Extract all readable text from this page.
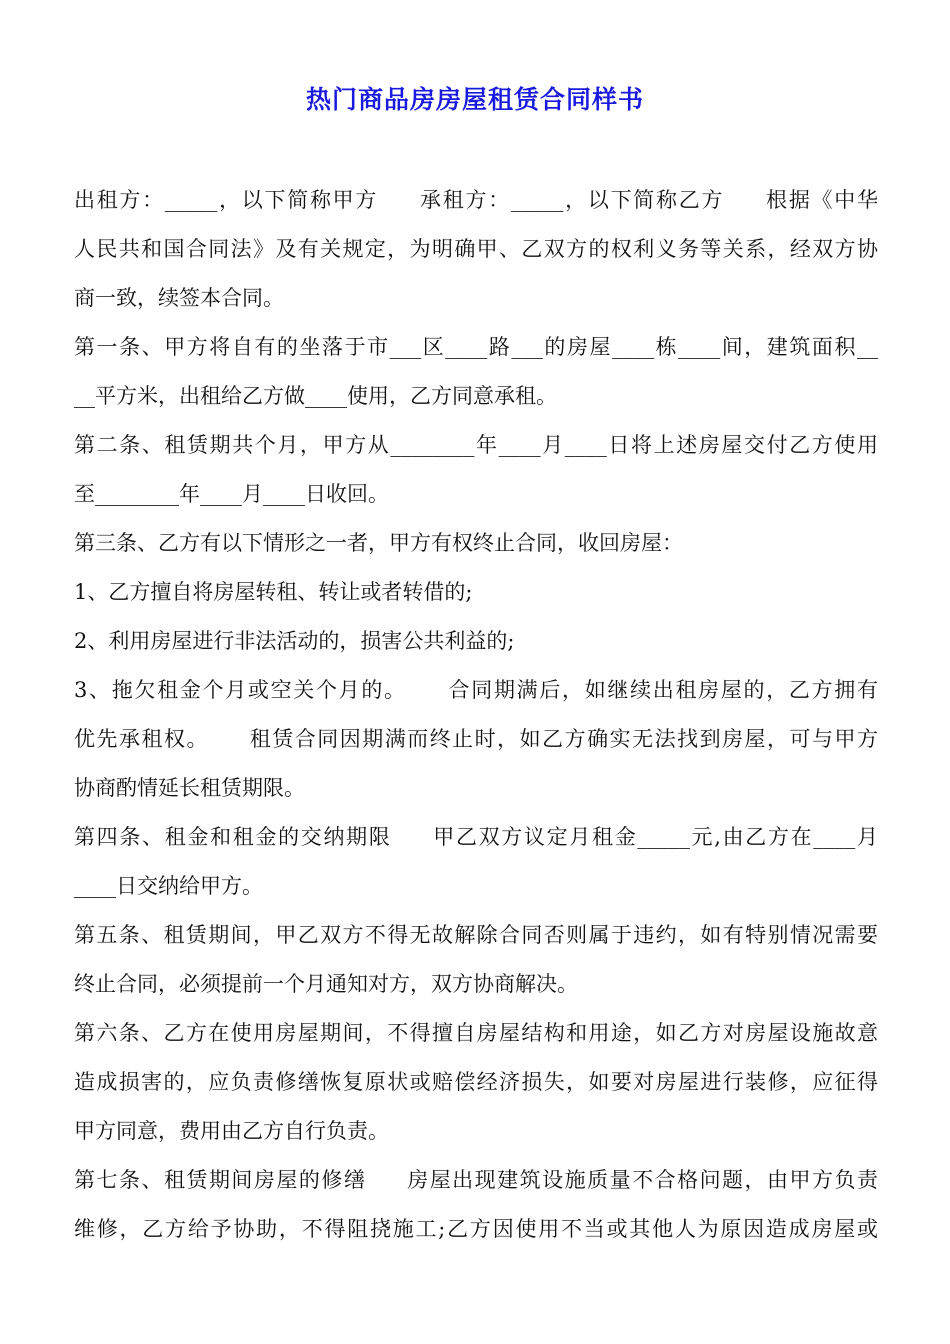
热门商品房房屋租赁合同样书
出租方：_____，以下简称甲方     承租方：_____，以下简称乙方     根据《中华
人民共和国合同法》及有关规定，为明确甲、乙双方的权利义务等关系，经双方协
商一致，续签本合同。
第一条、甲方将自有的坐落于市___区____路___的房屋____栋____间，建筑面积__
__平方米，出租给乙方做____使用，乙方同意承租。
第二条、租赁期共个月，甲方从________年____月____日将上述房屋交付乙方使用
至________年____月____日收回。
第三条、乙方有以下情形之一者，甲方有权终止合同，收回房屋：
1、乙方擅自将房屋转租、转让或者转借的;
2、利用房屋进行非法活动的，损害公共利益的;
3、拖欠租金个月或空关个月的。     合同期满后，如继续出租房屋的，乙方拥有
优先承租权。     租赁合同因期满而终止时，如乙方确实无法找到房屋，可与甲方
协商酌情延长租赁期限。
第四条、租金和租金的交纳期限     甲乙双方议定月租金_____元,由乙方在____月
____日交纳给甲方。
第五条、租赁期间，甲乙双方不得无故解除合同否则属于违约，如有特别情况需要
终止合同，必须提前一个月通知对方，双方协商解决。
第六条、乙方在使用房屋期间，不得擅自房屋结构和用途，如乙方对房屋设施故意
造成损害的，应负责修缮恢复原状或赔偿经济损失，如要对房屋进行装修，应征得
甲方同意，费用由乙方自行负责。
第七条、租赁期间房屋的修缮     房屋出现建筑设施质量不合格问题，由甲方负责
维修，乙方给予协助，不得阻挠施工;乙方因使用不当或其他人为原因造成房屋或
